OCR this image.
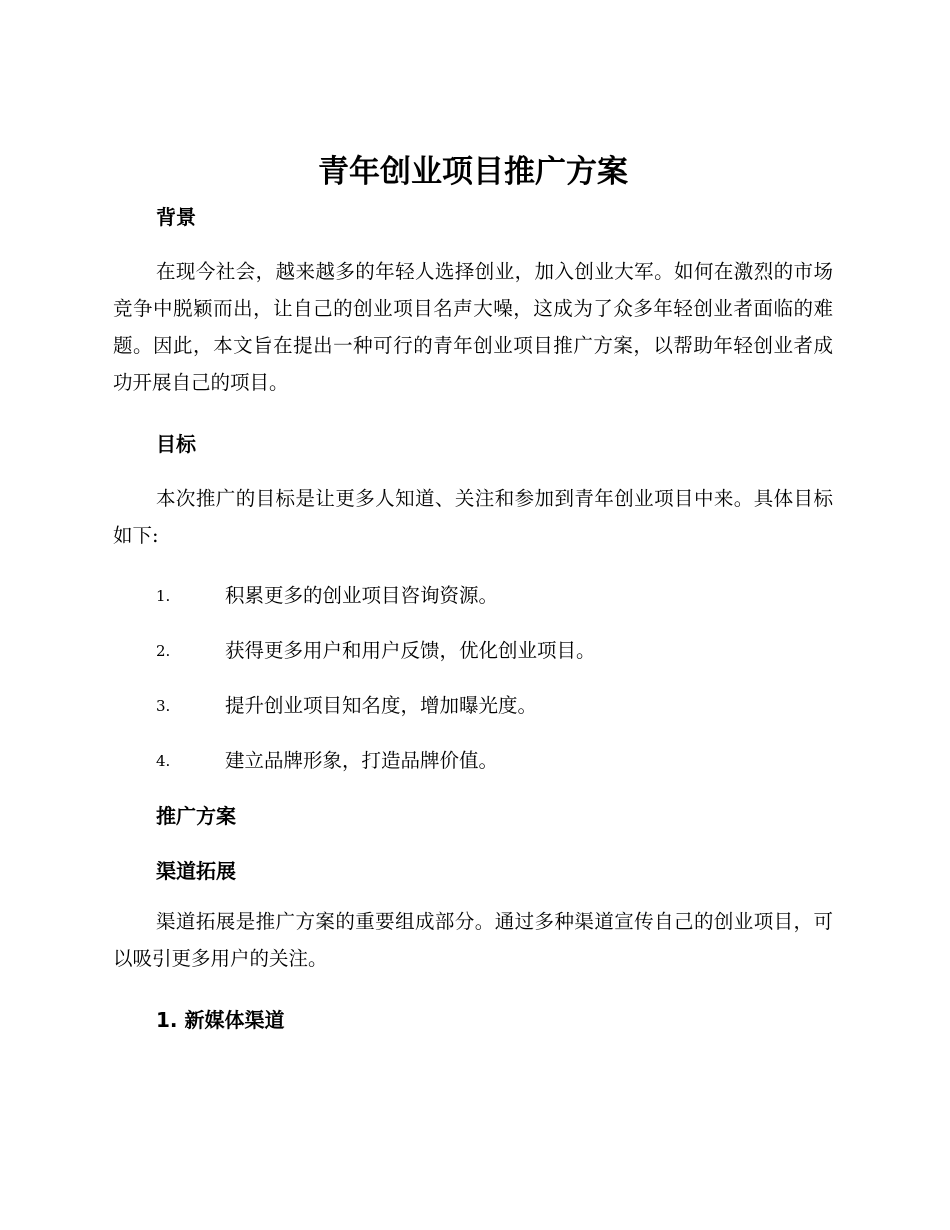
青年创业项目推广方案
背景

在现今社会，越来越多的年轻人选择创业，加入创业大军。如何在激烈的市场竞争中脱颖而出，让自己的创业项目名声大噪，这成为了众多年轻创业者面临的难题。因此，本文旨在提出一种可行的青年创业项目推广方案，以帮助年轻创业者成功开展自己的项目。

目标

本次推广的目标是让更多人知道、关注和参加到青年创业项目中来。具体目标如下:

1.	积累更多的创业项目咨询资源。
2.	获得更多用户和用户反馈，优化创业项目。
3.	提升创业项目知名度，增加曝光度。
4.	建立品牌形象，打造品牌价值。
推广方案
渠道拓展

渠道拓展是推广方案的重要组成部分。通过多种渠道宣传自己的创业项目，可以吸引更多用户的关注。

1. 新媒体渠道
